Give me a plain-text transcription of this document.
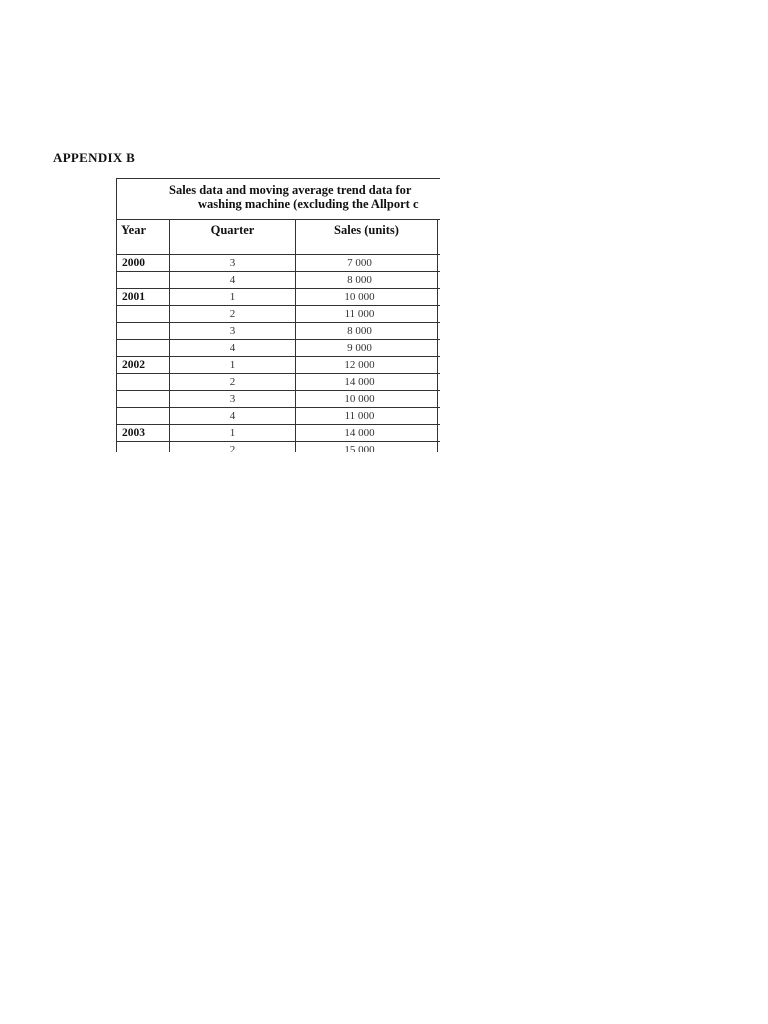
APPENDIX B
Sales data and moving average trend data for
washing machine (excluding the Allport c			

Year	Quarter	Sales (units)	
2000	3	7 000	
	4	8 000	
2001	1	10 000	
	2	11 000	
	3	8 000	
	4	9 000	
2002	1	12 000	
	2	14 000	
	3	10 000	
	4	11 000	
2003	1	14 000	
	2	15 000	
